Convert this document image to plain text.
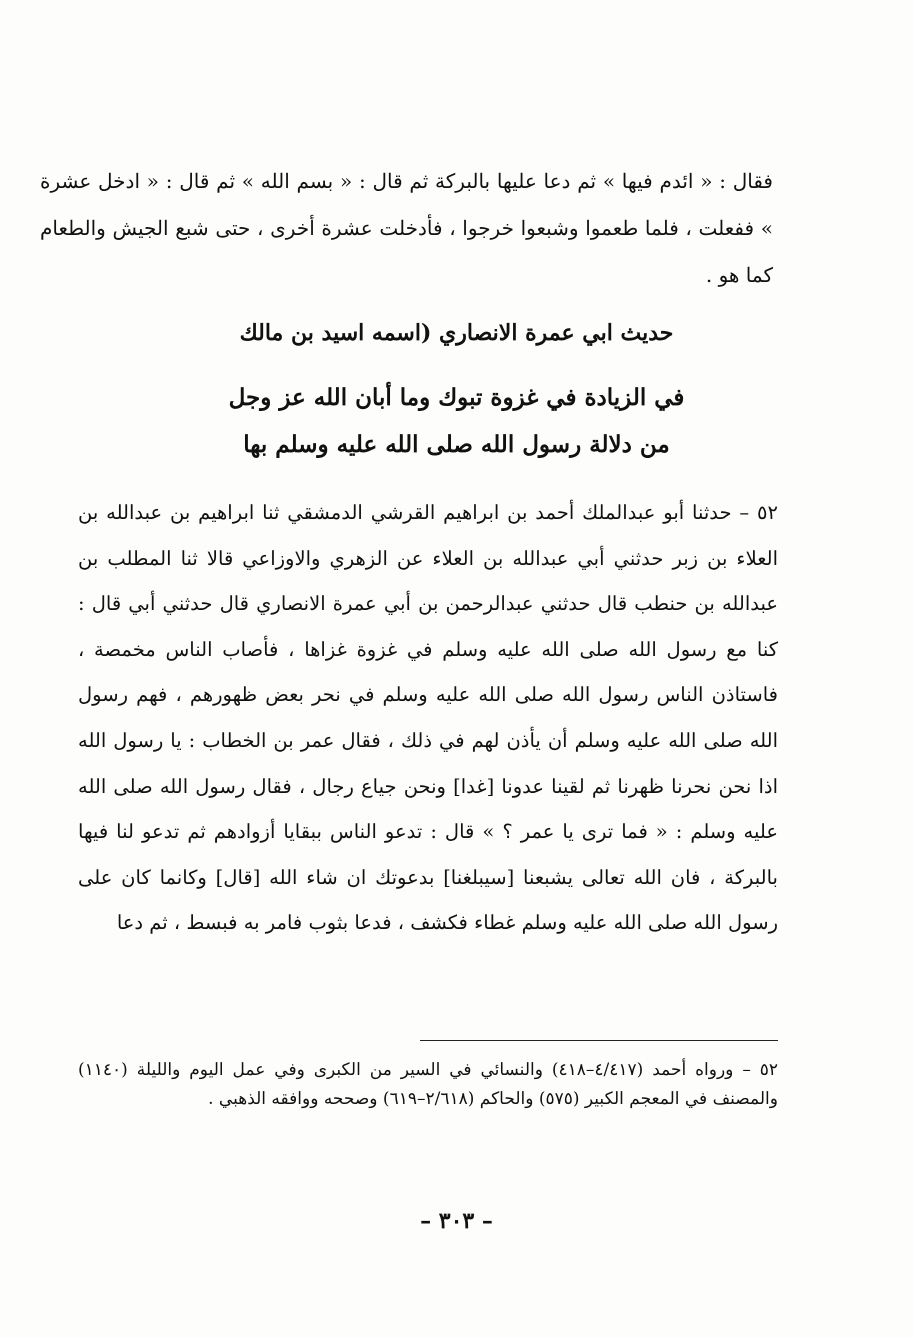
فقال : « ائدم فيها » ثم دعا عليها بالبركة ثم قال : « بسم الله » ثم قال : « ادخل عشرة » ففعلت ، فلما طعموا وشبعوا خرجوا ، فأدخلت عشرة أخرى ، حتى شبع الجيش والطعام كما هو .

حديث ابي عمرة الانصاري (اسمه اسيد بن مالك
في الزيادة في غزوة تبوك وما أبان الله عز وجل
من دلالة رسول الله صلى الله عليه وسلم بها

٥٢ – حدثنا أبو عبدالملك أحمد بن ابراهيم القرشي الدمشقي ثنا ابراهيم بن عبدالله بن العلاء بن زبر حدثني أبي عبدالله بن العلاء عن الزهري والاوزاعي قالا ثنا المطلب بن عبدالله بن حنطب قال حدثني عبدالرحمن بن أبي عمرة الانصاري قال حدثني أبي قال : كنا مع رسول الله صلى الله عليه وسلم في غزوة غزاها ، فأصاب الناس مخمصة ، فاستاذن الناس رسول الله صلى الله عليه وسلم في نحر بعض ظهورهم ، فهم رسول الله صلى الله عليه وسلم أن يأذن لهم في ذلك ، فقال عمر بن الخطاب : يا رسول الله اذا نحن نحرنا ظهرنا ثم لقينا عدونا [غدا] ونحن جياع رجال ، فقال رسول الله صلى الله عليه وسلم : « فما ترى يا عمر ؟ » قال : تدعو الناس ببقايا أزوادهم ثم تدعو لنا فيها بالبركة ، فان الله تعالى يشبعنا [سيبلغنا] بدعوتك ان شاء الله [قال] وكانما كان على رسول الله صلى الله عليه وسلم غطاء فكشف ، فدعا بثوب فامر به فبسط ، ثم دعا

٥٢ – ورواه أحمد (٤/٤١٧–٤١٨) والنسائي في السير من الكبرى وفي عمل اليوم والليلة (١١٤٠) والمصنف في المعجم الكبير (٥٧٥) والحاكم (٢/٦١٨–٦١٩) وصححه ووافقه الذهبي .

– ٣٠٣ –
